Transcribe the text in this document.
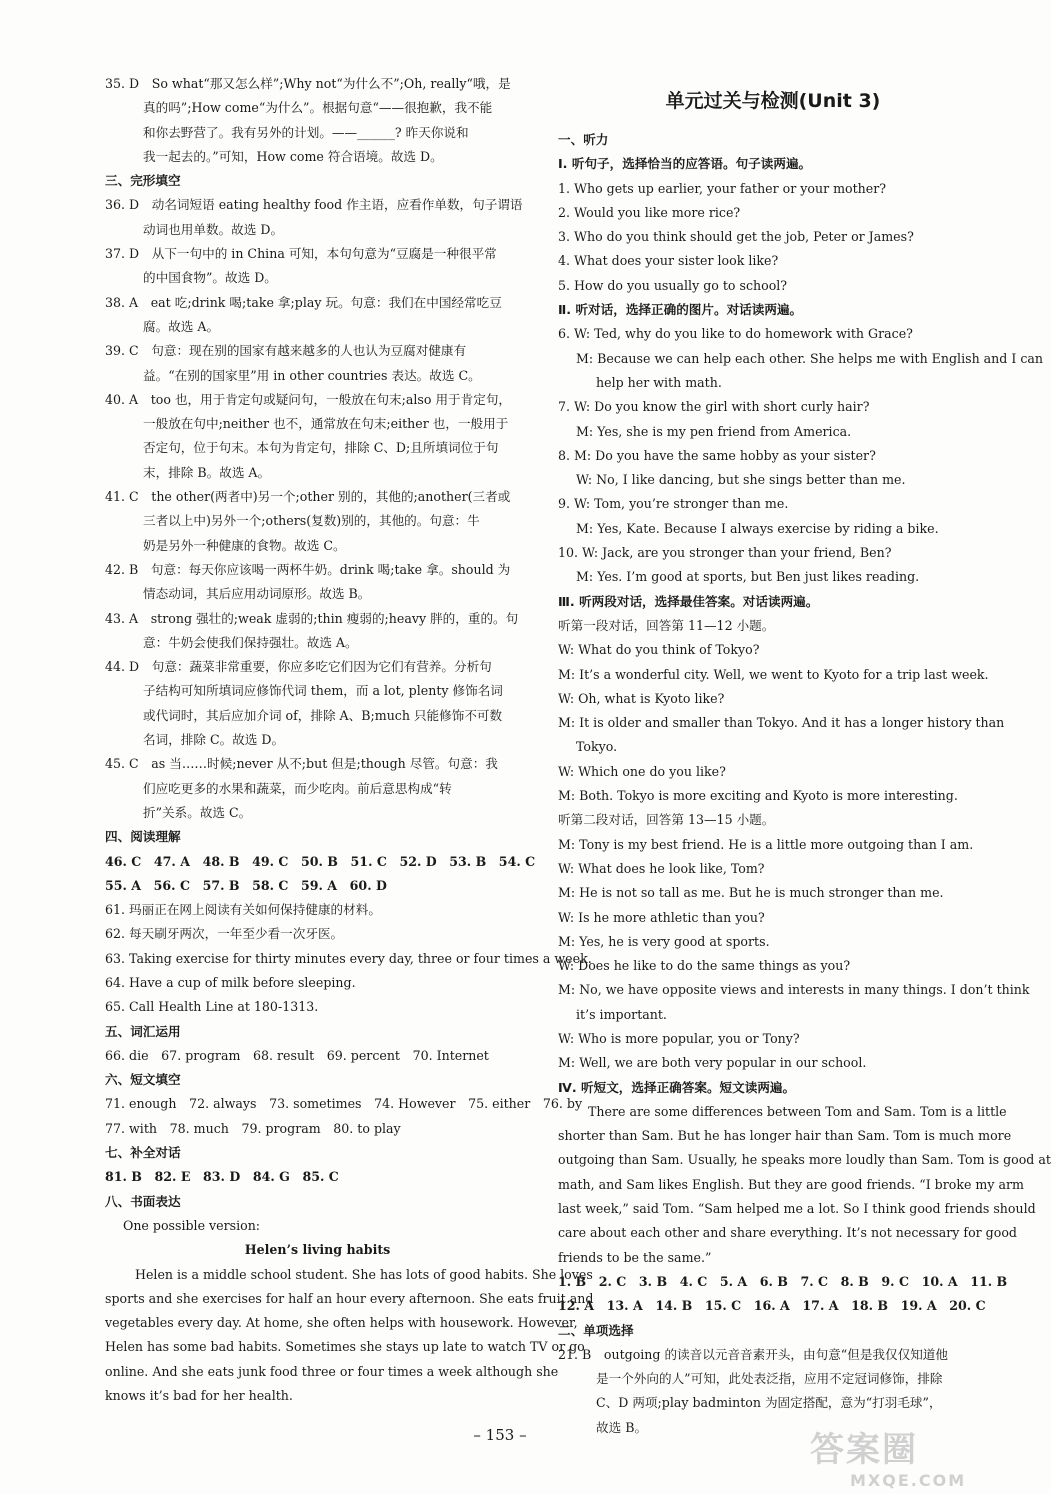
35. D　So what“那又怎么样”;Why not“为什么不”;Oh, really“哦，是
真的吗”;How come“为什么”。根据句意“——很抱歉，我不能
和你去野营了。我有另外的计划。——______? 昨天你说和
我一起去的。”可知，How come 符合语境。故选 D。
三、完形填空
36. D　动名词短语 eating healthy food 作主语，应看作单数，句子谓语
动词也用单数。故选 D。
37. D　从下一句中的 in China 可知，本句句意为“豆腐是一种很平常
的中国食物”。故选 D。
38. A　eat 吃;drink 喝;take 拿;play 玩。句意：我们在中国经常吃豆
腐。故选 A。
39. C　句意：现在别的国家有越来越多的人也认为豆腐对健康有
益。“在别的国家里”用 in other countries 表达。故选 C。
40. A　too 也，用于肯定句或疑问句，一般放在句末;also 用于肯定句，
一般放在句中;neither 也不，通常放在句末;either 也，一般用于
否定句，位于句末。本句为肯定句，排除 C、D;且所填词位于句
末，排除 B。故选 A。
41. C　the other(两者中)另一个;other 别的，其他的;another(三者或
三者以上中)另外一个;others(复数)别的，其他的。句意：牛
奶是另外一种健康的食物。故选 C。
42. B　句意：每天你应该喝一两杯牛奶。drink 喝;take 拿。should 为
情态动词，其后应用动词原形。故选 B。
43. A　strong 强壮的;weak 虚弱的;thin 瘦弱的;heavy 胖的，重的。句
意：牛奶会使我们保持强壮。故选 A。
44. D　句意：蔬菜非常重要，你应多吃它们因为它们有营养。分析句
子结构可知所填词应修饰代词 them，而 a lot, plenty 修饰名词
或代词时，其后应加介词 of，排除 A、B;much 只能修饰不可数
名词，排除 C。故选 D。
45. C　as 当……时候;never 从不;but 但是;though 尽管。句意：我
们应吃更多的水果和蔬菜，而少吃肉。前后意思构成“转
折”关系。故选 C。
四、阅读理解
46. C　47. A　48. B　49. C　50. B　51. C　52. D　53. B　54. C
55. A　56. C　57. B　58. C　59. A　60. D
61. 玛丽正在网上阅读有关如何保持健康的材料。
62. 每天刷牙两次，一年至少看一次牙医。
63. Taking exercise for thirty minutes every day, three or four times a week.
64. Have a cup of milk before sleeping.
65. Call Health Line at 180-1313.
五、词汇运用
66. die　67. program　68. result　69. percent　70. Internet
六、短文填空
71. enough　72. always　73. sometimes　74. However　75. either　76. by
77. with　78. much　79. program　80. to play
七、补全对话
81. B　82. E　83. D　84. G　85. C
八、书面表达
One possible version:
Helen’s living habits
Helen is a middle school student. She has lots of good habits. She loves
sports and she exercises for half an hour every afternoon. She eats fruit and
vegetables every day. At home, she often helps with housework. However,
Helen has some bad habits. Sometimes she stays up late to watch TV or go
online. And she eats junk food three or four times a week although she
knows it’s bad for her health.
单元过关与检测(Unit 3)
一、听力
Ⅰ. 听句子，选择恰当的应答语。句子读两遍。
1. Who gets up earlier, your father or your mother?
2. Would you like more rice?
3. Who do you think should get the job, Peter or James?
4. What does your sister look like?
5. How do you usually go to school?
Ⅱ. 听对话，选择正确的图片。对话读两遍。
6. W: Ted, why do you like to do homework with Grace?
M: Because we can help each other. She helps me with English and I can
help her with math.
7. W: Do you know the girl with short curly hair?
M: Yes, she is my pen friend from America.
8. M: Do you have the same hobby as your sister?
W: No, I like dancing, but she sings better than me.
9. W: Tom, you’re stronger than me.
M: Yes, Kate. Because I always exercise by riding a bike.
10. W: Jack, are you stronger than your friend, Ben?
M: Yes. I’m good at sports, but Ben just likes reading.
Ⅲ. 听两段对话，选择最佳答案。对话读两遍。
听第一段对话，回答第 11—12 小题。
W: What do you think of Tokyo?
M: It’s a wonderful city. Well, we went to Kyoto for a trip last week.
W: Oh, what is Kyoto like?
M: It is older and smaller than Tokyo. And it has a longer history than
Tokyo.
W: Which one do you like?
M: Both. Tokyo is more exciting and Kyoto is more interesting.
听第二段对话，回答第 13—15 小题。
M: Tony is my best friend. He is a little more outgoing than I am.
W: What does he look like, Tom?
M: He is not so tall as me. But he is much stronger than me.
W: Is he more athletic than you?
M: Yes, he is very good at sports.
W: Does he like to do the same things as you?
M: No, we have opposite views and interests in many things. I don’t think
it’s important.
W: Who is more popular, you or Tony?
M: Well, we are both very popular in our school.
Ⅳ. 听短文，选择正确答案。短文读两遍。
There are some differences between Tom and Sam. Tom is a little
shorter than Sam. But he has longer hair than Sam. Tom is much more
outgoing than Sam. Usually, he speaks more loudly than Sam. Tom is good at
math, and Sam likes English. But they are good friends. “I broke my arm
last week,” said Tom. “Sam helped me a lot. So I think good friends should
care about each other and share everything. It’s not necessary for good
friends to be the same.”
1. B　2. C　3. B　4. C　5. A　6. B　7. C　8. B　9. C　10. A　11. B
12. A　13. A　14. B　15. C　16. A　17. A　18. B　19. A　20. C
二、单项选择
21. B　outgoing 的读音以元音音素开头，由句意“但是我仅仅知道他
是一个外向的人”可知，此处表泛指，应用不定冠词修饰，排除
C、D 两项;play badminton 为固定搭配，意为“打羽毛球”，
故选 B。
– 153 –	答案圈
MXQE.COM
